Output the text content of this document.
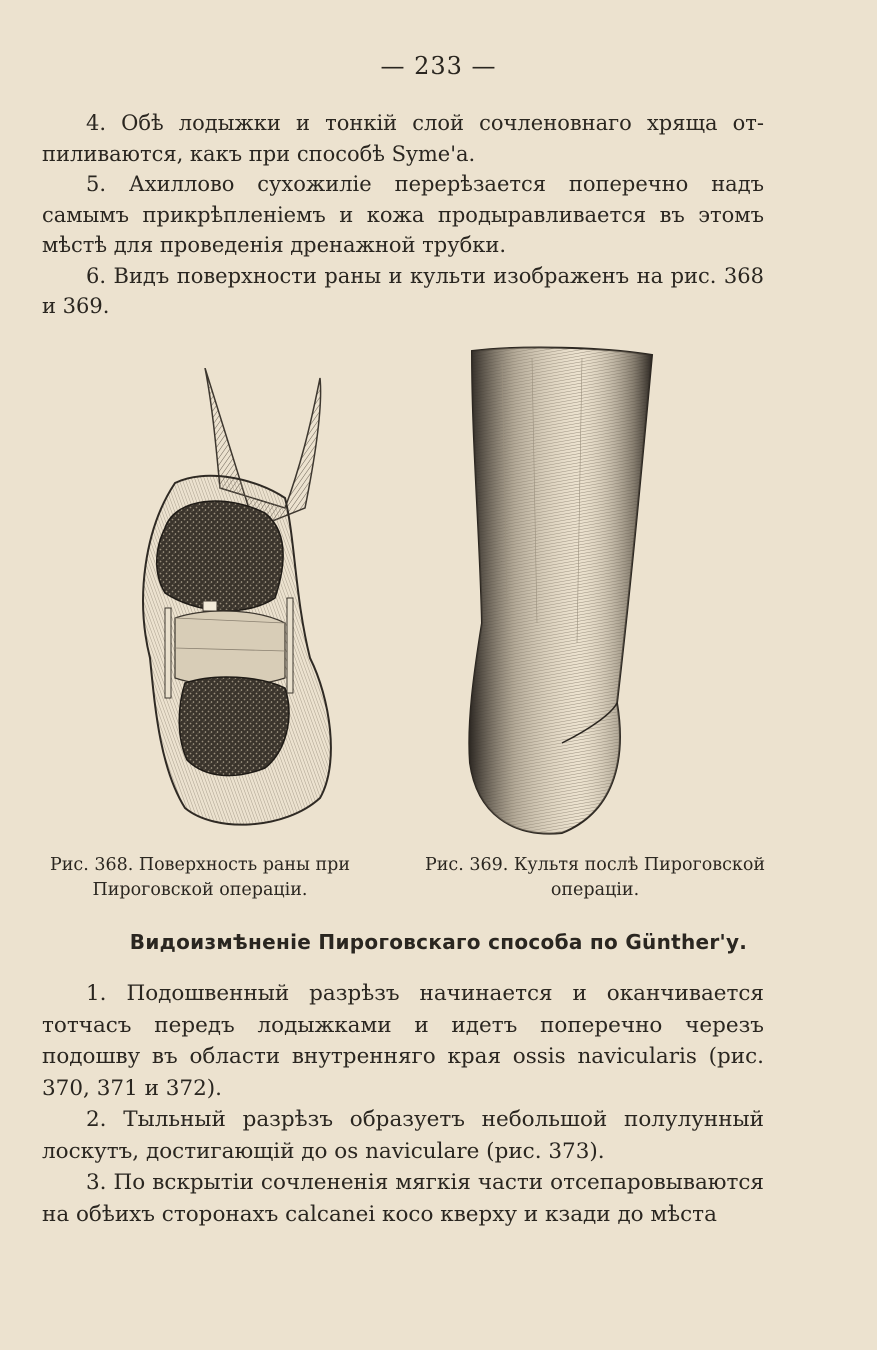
— 233 —

4. Обѣ лодыжки и тонкій слой сочленовнаго хряща от- пиливаются, какъ при способѣ Syme'а.

5. Ахиллово сухожиліе перерѣзается поперечно надъ самымъ прикрѣпленіемъ и кожа продыравливается въ этомъ мѣстѣ для проведенія дренажной трубки.

6. Видъ поверхности раны и культи изображенъ на рис. 368 и 369.

Рис. 368. Поверхность раны при Пироговской операціи.
Рис. 369. Культя послѣ Пироговской операціи.
Видоизмѣненіе Пироговскаго способа по Günther'у.

1. Подошвенный разрѣзъ начинается и оканчивается тотчасъ передъ лодыжками и идетъ поперечно черезъ подошву въ области внутренняго края ossis navicularis (рис. 370, 371 и 372).

2. Тыльный разрѣзъ образуетъ небольшой полулунный лоскутъ, достигающій до os naviculare (рис. 373).

3. По вскрытіи сочлененія мягкія части отсепаровываются на обѣихъ сторонахъ calcanei косо кверху и кзади до мѣста
